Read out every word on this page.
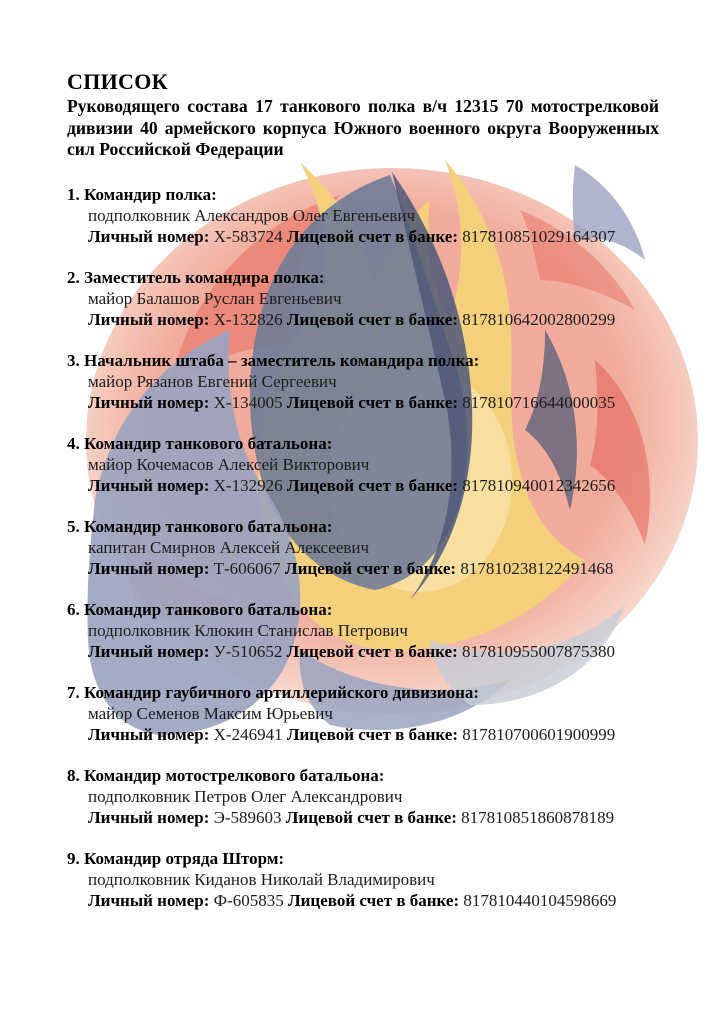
СПИСОК

Руководящего состава 17 танкового полка в/ч 12315 70 мотострелковой дивизии 40 армейского корпуса Южного военного округа Вооруженных сил Российской Федерации

1. Командир полка:
подполковник Александров Олег Евгеньевич
Личный номер: Х-583724 Лицевой счет в банке: 817810851029164307
2. Заместитель командира полка:
майор Балашов Руслан Евгеньевич
Личный номер: Х-132826 Лицевой счет в банке: 817810642002800299
3. Начальник штаба – заместитель командира полка:
майор Рязанов Евгений Сергеевич
Личный номер: Х-134005 Лицевой счет в банке: 817810716644000035
4. Командир танкового батальона:
майор Кочемасов Алексей Викторович
Личный номер: Х-132926 Лицевой счет в банке: 817810940012342656
5. Командир танкового батальона:
капитан Смирнов Алексей Алексеевич
Личный номер: Т-606067 Лицевой счет в банке: 817810238122491468
6. Командир танкового батальона:
подполковник Клюкин Станислав Петрович
Личный номер: У-510652 Лицевой счет в банке: 817810955007875380
7. Командир гаубичного артиллерийского дивизиона:
майор Семенов Максим Юрьевич
Личный номер: Х-246941 Лицевой счет в банке: 817810700601900999
8. Командир мотострелкового батальона:
подполковник Петров Олег Александрович
Личный номер: Э-589603 Лицевой счет в банке: 817810851860878189
9. Командир отряда Шторм:
подполковник Киданов Николай Владимирович
Личный номер: Ф-605835 Лицевой счет в банке: 817810440104598669
